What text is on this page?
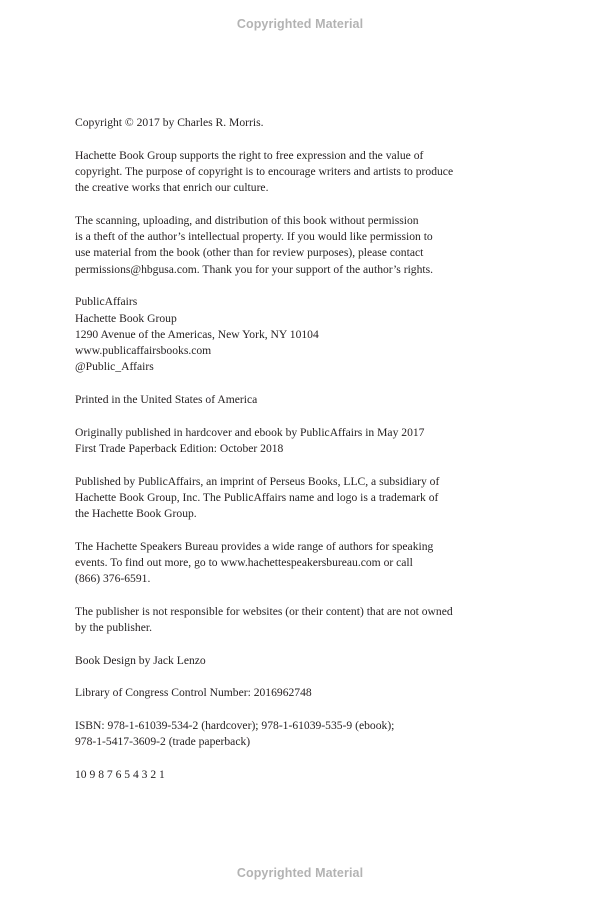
Copyrighted Material

Copyright © 2017 by Charles R. Morris.

Hachette Book Group supports the right to free expression and the value of
copyright. The purpose of copyright is to encourage writers and artists to produce
the creative works that enrich our culture.

The scanning, uploading, and distribution of this book without permission
is a theft of the author’s intellectual property. If you would like permission to
use material from the book (other than for review purposes), please contact
permissions@hbgusa.com. Thank you for your support of the author’s rights.

PublicAffairs
Hachette Book Group
1290 Avenue of the Americas, New York, NY 10104
www.publicaffairsbooks.com
@Public_Affairs

Printed in the United States of America

Originally published in hardcover and ebook by PublicAffairs in May 2017
First Trade Paperback Edition: October 2018

Published by PublicAffairs, an imprint of Perseus Books, LLC, a subsidiary of
Hachette Book Group, Inc. The PublicAffairs name and logo is a trademark of
the Hachette Book Group.

The Hachette Speakers Bureau provides a wide range of authors for speaking
events. To find out more, go to www.hachettespeakersbureau.com or call
(866) 376-6591.

The publisher is not responsible for websites (or their content) that are not owned
by the publisher.

Book Design by Jack Lenzo

Library of Congress Control Number: 2016962748

ISBN: 978-1-61039-534-2 (hardcover); 978-1-61039-535-9 (ebook);
978-1-5417-3609-2 (trade paperback)

10 9 8 7 6 5 4 3 2 1

Copyrighted Material
